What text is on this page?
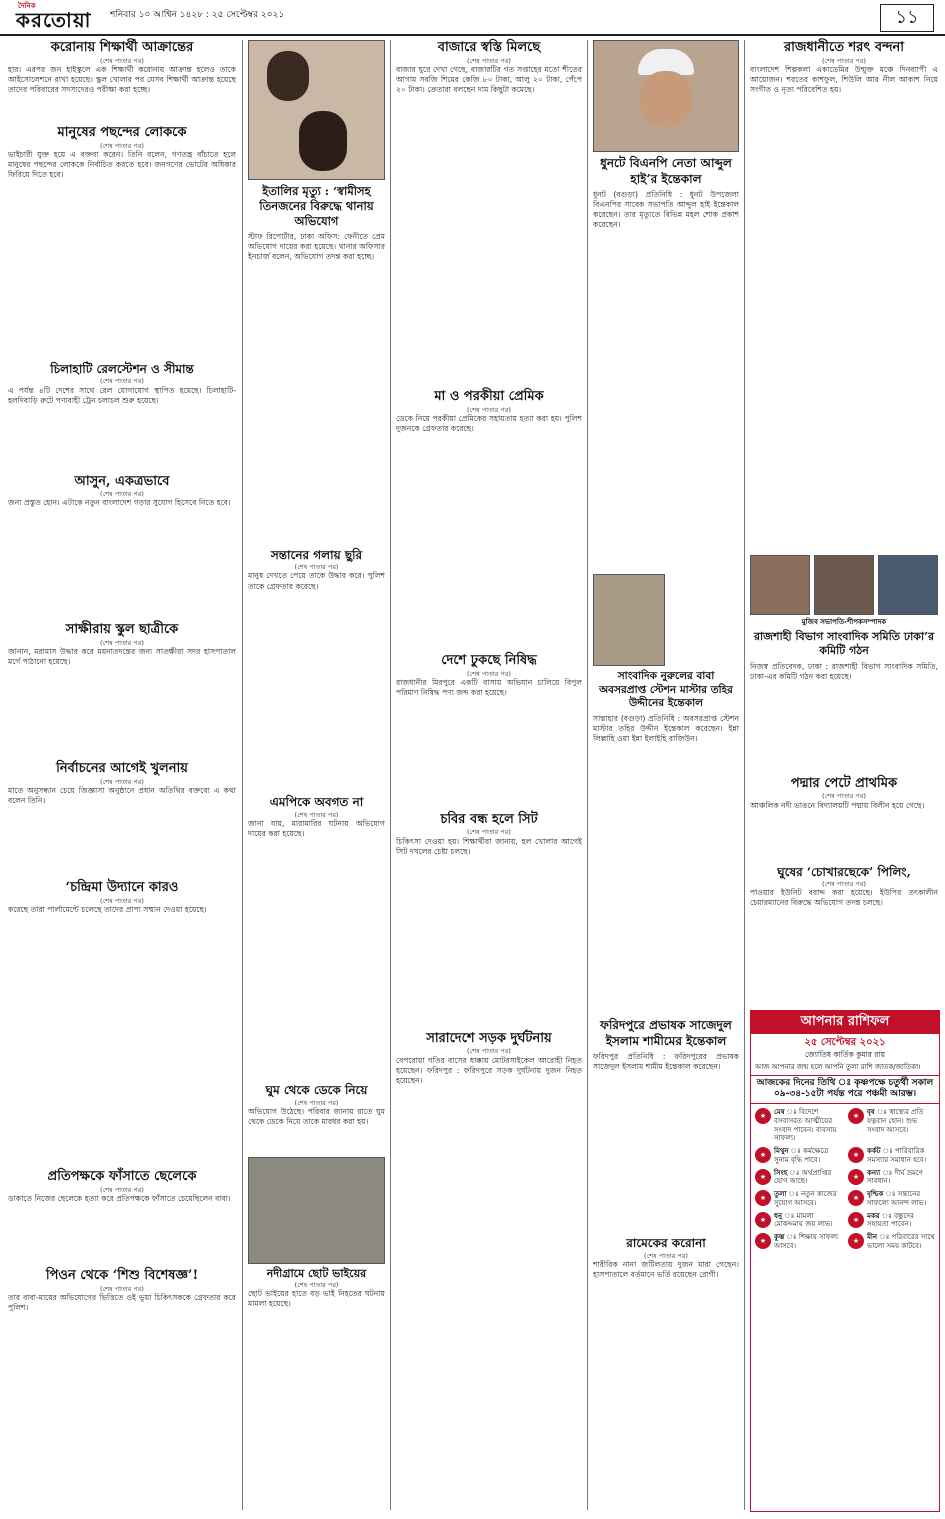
দৈনিক
করতোয়া শনিবার ১০ আশ্বিন ১৪২৮ : ২৫ সেপ্টেম্বর ২০২১	১১
করোনায় শিক্ষার্থী আক্রান্তের
(শেষ পাতার পর)
হার। এরপর জন হাইস্কুলে এক শিক্ষার্থী করোনায় আক্রান্ত হলেও তাকে আইসোলেশনে রাখা হয়েছে। স্কুল খোলার পর যেসব শিক্ষার্থী আক্রান্ত হয়েছে তাদের পরিবারের সদস্যদেরও পরীক্ষা করা হচ্ছে।
মানুষের পছন্দের লোককে
(শেষ পাতার পর)
ভাইচারী যুক্ত হয়ে এ বক্তব্য করেন। তিনি বলেন, গণতন্ত্র বাঁচাতে হলে মানুষের পছন্দের লোককে নির্বাচিত করতে হবে। জনগণের ভোটের অধিকার ফিরিয়ে দিতে হবে।
চিলাহাটি রেলস্টেশন ও সীমান্ত
(শেষ পাতার পর)
এ পর্যন্ত ৪টি দেশের সাথে রেল যোগাযোগ স্থাপিত হয়েছে। চিলাহাটি-হলদিবাড়ি রুটে পণ্যবাহী ট্রেন চলাচল শুরু হয়েছে।
আসুন, একত্রভাবে
(শেষ পাতার পর)
জন্য প্রস্তুত হোন। এটাকে নতুন বাংলাদেশ গড়ার সুযোগ হিসেবে নিতে হবে।
সাক্ষীরায় স্কুল ছাত্রীকে
(শেষ পাতার পর)
জানান, মরামাস উদ্ধার করে ময়নাতদন্তের জন্য সাতক্ষীরা সদর হাসপাতাল মর্গে পাঠানো হয়েছে।
নির্বাচনের আগেই খুলনায়
(শেষ পাতার পর)
মাতে অনুসন্ধান চেয়ে জিজ্ঞাসা অনুষ্ঠানে প্রধান অতিথির বক্তব্যে এ কথা বলেন তিনি।
‘চন্দ্রিমা উদ্যানে কারও
(শেষ পাতার পর)
করেছে তারা পার্লামেন্টে চলেছে তাদের প্রাপ্য সম্মান দেওয়া হয়েছে।
প্রতিপক্ষকে ফাঁসাতে ছেলেকে
(শেষ পাতার পর)
ডাকাতে নিজের ছেলেকে হত্যা করে প্রতিপক্ষকে ফাঁসাতে চেয়েছিলেন বাবা।
পিওন থেকে ‘শিশু বিশেষজ্ঞ’!
(শেষ পাতার পর)
তার বাবা-মায়ের অভিযোগের ভিত্তিতে ওই ভুয়া চিকিৎসককে গ্রেফতার করে পুলিশ।
ইতালির মৃত্যু : ‘স্বামীসহ তিনজনের বিরুদ্ধে থানায় অভিযোগ
স্টাফ রিপোর্টার, ঢাকা অফিস: ফেনীতে প্রেম অভিযোগ দায়ের করা হয়েছে। থানার অফিসার ইনচার্জ বলেন, অভিযোগ তদন্ত করা হচ্ছে।
সন্তানের গলায় ছুরি
(শেষ পাতার পর)
মানুষ দেখতে পেয়ে তাকে উদ্ধার করে। পুলিশ তাকে গ্রেফতার করেছে।
এমপিকে অবগত না
(শেষ পাতার পর)
জানা যায়, মারামারির ঘটনায় অভিযোগ দায়ের করা হয়েছে।
ঘুম থেকে ডেকে নিয়ে
(শেষ পাতার পর)
অভিযোগ উঠেছে। পরিবার জানায় রাতে ঘুম থেকে ডেকে নিয়ে তাকে মারধর করা হয়।
নদীগ্রামে ছোট ভাইয়ের
(শেষ পাতার পর)
ছোট ভাইয়ের হাতে বড় ভাই নিহতের ঘটনায় মামলা হয়েছে।
বাজারে স্বস্তি মিলছে
(শেষ পাতার পর)
বাজার ঘুরে দেখা গেছে, বাজারটির গত সপ্তাহের মতো শীতের আগাম সবজি শিমের কেজি ৮০ টাকা, আলু ২০ টাকা, পেঁপে ২০ টাকা। ক্রেতারা বলছেন দাম কিছুটা কমেছে।
মা ও পরকীয়া প্রেমিক
(শেষ পাতার পর)
ডেকে নিয়ে পরকীয়া প্রেমিকের সহায়তায় হত্যা করা হয়। পুলিশ দুজনকে গ্রেফতার করেছে।
দেশে ঢুকছে নিষিদ্ধ
(শেষ পাতার পর)
রাজধানীর মিরপুরে একটি বাসায় অভিযান চালিয়ে বিপুল পরিমাণ নিষিদ্ধ পণ্য জব্দ করা হয়েছে।
চবির বন্ধ হলে সিট
(শেষ পাতার পর)
চিকিৎসা দেওয়া হয়। শিক্ষার্থীরা জানায়, হল খোলার আগেই সিট দখলের চেষ্টা চলছে।
সারাদেশে সড়ক দুর্ঘটনায়
(শেষ পাতার পর)
বেপরোয়া গতির বাসের ধাক্কায় মোটরসাইকেল আরোহী নিহত হয়েছেন। ফরিদপুর : ফরিদপুরে সড়ক দুর্ঘটনায় দুজন নিহত হয়েছেন।
ধুনটে বিএনপি নেতা আব্দুল হাই’র ইন্তেকাল
ধুনট (বগুড়া) প্রতিনিধি : ধুনট উপজেলা বিএনপির সাবেক সভাপতি আব্দুল হাই ইন্তেকাল করেছেন। তার মৃত্যুতে বিভিন্ন মহল শোক প্রকাশ করেছেন।
সাংবাদিক নুরুলের বাবা অবসরপ্রাপ্ত স্টেশন মাস্টার তহির উদ্দীনের ইন্তেকাল
সান্তাহার (বগুড়া) প্রতিনিধি : অবসরপ্রাপ্ত স্টেশন মাস্টার তহির উদ্দীন ইন্তেকাল করেছেন। ইন্না লিল্লাহি ওয়া ইন্না ইলাইহি রাজিউন।
ফরিদপুরে প্রভাষক সাজেদুল ইসলাম শামীমের ইন্তেকাল
ফরিদপুর প্রতিনিধি : ফরিদপুরের প্রভাষক সাজেদুল ইসলাম শামীম ইন্তেকাল করেছেন।
রামেকের করোনা
(শেষ পাতার পর)
শারীরিক নানা জটিলতায় দুজন মারা গেছেন। হাসপাতালে বর্তমানে ভর্তি রয়েছেন রোগী।
রাজধানীতে শরৎ বন্দনা
(শেষ পাতার পর)
বাংলাদেশ শিল্পকলা একাডেমির উন্মুক্ত মঞ্চে দিনব্যাপী এ আয়োজন। শরতের কাশফুল, শিউলি আর নীল আকাশ নিয়ে সংগীত ও নৃত্য পরিবেশিত হয়।
মুজিব সভাপতি-শীপকসম্পাদক
রাজশাহী বিভাগ সাংবাদিক সমিতি ঢাকা’র কমিটি গঠন
নিজস্ব প্রতিবেদক, ঢাকা : রাজশাহী বিভাগ সাংবাদিক সমিতি, ঢাকা-এর কমিটি গঠন করা হয়েছে।
পদ্মার পেটে প্রাথমিক
(শেষ পাতার পর)
আঞ্চলিক নদী ভাঙনে বিদ্যালয়টি পদ্মায় বিলীন হয়ে গেছে।
ঘুষের ‘চোখারছেকে’ পিলিং,
(শেষ পাতার পর)
পাওয়ার ইউনিট বরাদ্দ করা হয়েছে। ইউপির তৎকালীন চেয়ারম্যানের বিরুদ্ধে অভিযোগ তদন্ত চলছে।
আপনার রাশিফল
২৫ সেপ্টেম্বর ২০২১
জ্যোতিষ কার্তিক কুমার রায়
আজ আপনার জন্ম হলে আপনি তুলা রাশি জাতক/জাতিকা।
আজকের দিনের তিথি ঃ কৃষ্ণপক্ষে চতুর্থী সকাল ০৯-৩৪-১৫টা পর্যন্ত পরে পঞ্চমী আরম্ভ।
★	মেষ ঃ বিদেশে বসবাসরত আত্মীয়ের সংবাদ পাবেন। ব্যবসায় সাফল্য।
★	বৃষ ঃ স্বাস্থ্যের প্রতি যত্নবান হোন। শুভ সংবাদ আসবে।
★	মিথুন ঃ কর্মক্ষেত্রে সুনাম বৃদ্ধি পাবে।
★	কর্কট ঃ পারিবারিক সমস্যার সমাধান হবে।
★	সিংহ ঃ অর্থপ্রাপ্তির যোগ আছে।
★	কন্যা ঃ দীর্ঘ ভ্রমণে সাবধান।
★	তুলা ঃ নতুন কাজের সুযোগ আসবে।
★	বৃশ্চিক ঃ সন্তানের সাফল্যে আনন্দ লাভ।
★	ধনু ঃ মামলা মোকদ্দমায় জয় লাভ।
★	মকর ঃ বন্ধুদের সহায়তা পাবেন।
★	কুম্ভ ঃ শিক্ষায় সাফল্য আসবে।
★	মীন ঃ পরিবারের সাথে ভালো সময় কাটবে।
